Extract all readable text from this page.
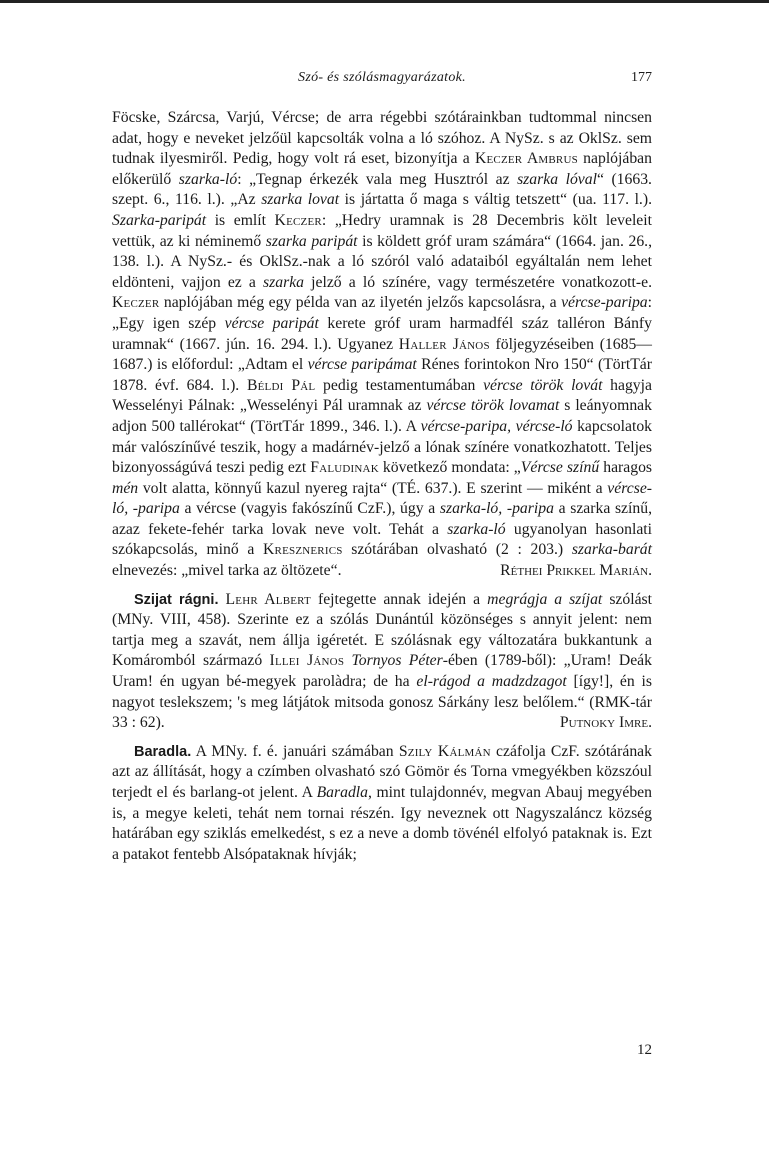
Szó- és szólásmagyarázatok.	177

Föcske, Szárcsa, Varjú, Vércse; de arra régebbi szótárainkban tudtommal nincsen adat, hogy e neveket jelzőül kapcsolták volna a ló szóhoz. A NySz. s az OklSz. sem tudnak ilyesmiről. Pedig, hogy volt rá eset, bizonyítja a Keczer Ambrus naplójában előkerülő szarka-ló: „Tegnap érkezék vala meg Husztról az szarka lóval“ (1663. szept. 6., 116. l.). „Az szarka lovat is jártatta ő maga s váltig tetszett“ (ua. 117. l.). Szarka-paripát is említ Keczer: „Hedry uramnak is 28 Decembris költ leveleit vettük, az ki néminemő szarka paripát is köldett gróf uram számára“ (1664. jan. 26., 138. l.). A NySz.- és OklSz.-nak a ló szóról való adataiból egyáltalán nem lehet eldönteni, vajjon ez a szarka jelző a ló színére, vagy természetére vonatkozott-e. Keczer naplójában még egy példa van az ilyetén jelzős kapcsolásra, a vércse-paripa: „Egy igen szép vércse paripát kerete gróf uram harmadfél száz talléron Bánfy uramnak“ (1667. jún. 16. 294. l.). Ugyanez Haller János följegyzéseiben (1685—1687.) is előfordul: „Adtam el vércse paripámat Rénes forintokon Nro 150“ (TörtTár 1878. évf. 684. l.). Béldi Pál pedig testamentumában vércse török lovát hagyja Wesselényi Pálnak: „Wesselényi Pál uramnak az vércse török lovamat s leányomnak adjon 500 tallérokat“ (TörtTár 1899., 346. l.). A vércse-paripa, vércse-ló kapcsolatok már valószínűvé teszik, hogy a madárnév-jelző a lónak színére vonatkozhatott. Teljes bizonyosságúvá teszi pedig ezt Faludinak következő mondata: „Vércse színű haragos mén volt alatta, könnyű kazul nyereg rajta“ (TÉ. 637.). E szerint — miként a vércse-ló, -paripa a vércse (vagyis fakószínű CzF.), úgy a szarka-ló, -paripa a szarka színű, azaz fekete-fehér tarka lovak neve volt. Tehát a szarka-ló ugyanolyan hasonlati szókapcsolás, minő a Kresznerics szótárában olvasható (2 : 203.) szarka-barát elnevezés: „mivel tarka az öltözete“.	Réthei Prikkel Marián.

Szijat rágni. Lehr Albert fejtegette annak idején a megrágja a szíjat szólást (MNy. VIII, 458). Szerinte ez a szólás Dunántúl közönséges s annyit jelent: nem tartja meg a szavát, nem állja igéretét. E szólásnak egy változatára bukkantunk a Komáromból származó Illei János Tornyos Péter-ében (1789-ből): „Uram! Deák Uram! én ugyan bé-megyek parolàdra; de ha el-rágod a madzdzagot [így!], én is nagyot teslekszem; 's meg látjátok mitsoda gonosz Sárkány lesz belőlem.“ (RMK-tár 33 : 62).	Putnoky Imre.

Baradla. A MNy. f. é. januári számában Szily Kálmán czáfolja CzF. szótárának azt az állítását, hogy a czímben olvasható szó Gömör és Torna vmegyékben közszóul terjedt el és barlang-ot jelent. A Baradla, mint tulajdonnév, megvan Abauj megyében is, a megye keleti, tehát nem tornai részén. Igy neveznek ott Nagyszaláncz község határában egy sziklás emelkedést, s ez a neve a domb tövénél elfolyó pataknak is. Ezt a patakot fentebb Alsópataknak hívják;

12
